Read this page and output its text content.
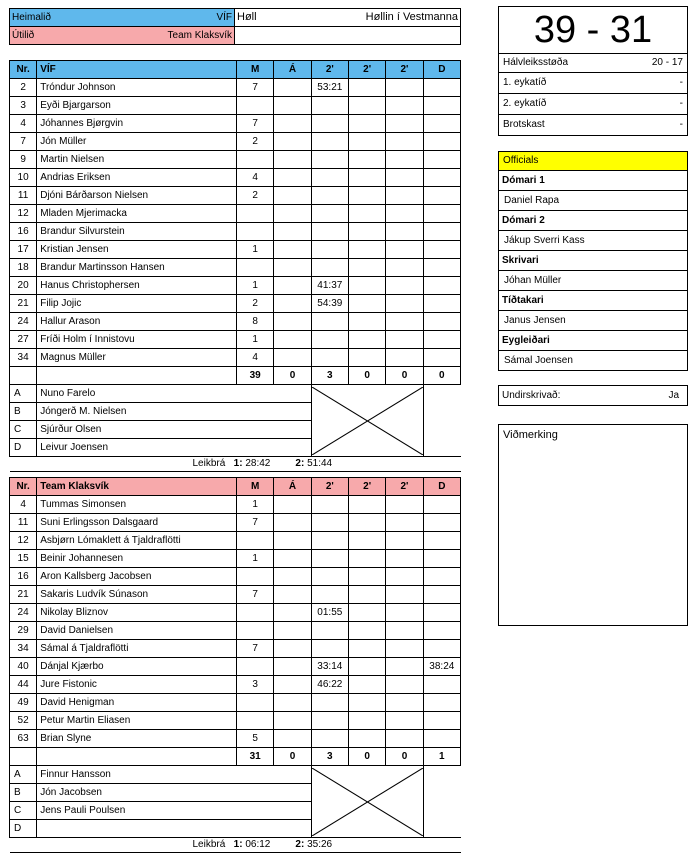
Heimalið VÍF	Høll Høllin í Vestmanna

Útilið Team Klaksvík	

Nr.	VÍF	M	Á	2'	2'	2'	D
2	Tróndur Johnson	7		53:21			
3	Eyði Bjargarson						
4	Jóhannes Bjørgvin	7					
7	Jón Müller	2					
9	Martin Nielsen						
10	Andrias Eriksen	4					
11	Djóni Bárðarson Nielsen	2					
12	Mladen Mjerimacka						
16	Brandur Silvurstein						
17	Kristian Jensen	1					
18	Brandur Martinsson Hansen						
20	Hanus Christophersen	1		41:37			
21	Filip Jojic	2		54:39			
24	Hallur Arason	8					
27	Fríði Holm í Innistovu	1					
34	Magnus Müller	4					
		39	0	3	0	0	0
A	Nuno Farelo	

B	Jóngerð M. Nielsen						
C	Sjúrður Olsen						
D	Leivur Joensen						
Leikbrá 1: 28:42 2: 51:44							
Nr.	Team Klaksvík	M	Á	2'	2'	2'	D
4	Tummas Simonsen	1					
11	Suni Erlingsson Dalsgaard	7					
12	Asbjørn Lómaklett á Tjaldraflötti						
15	Beinir Johannesen	1					
16	Aron Kallsberg Jacobsen						
21	Sakaris Ludvík Súnason	7					
24	Nikolay Bliznov			01:55			
29	David Danielsen						
34	Sámal á Tjaldraflötti	7					
40	Dánjal Kjærbo			33:14			38:24
44	Jure Fistonic	3		46:22			
49	David Henigman						
52	Petur Martin Eliasen						
63	Brian Slyne	5					
		31	0	3	0	0	1
A	Finnur Hansson	

B	Jón Jacobsen						
C	Jens Pauli Poulsen						
D							
Leikbrá 1: 06:12 2: 35:26							
39 - 31
Hálvleiksstøða	20 - 17
1. eykatíð	-
2. eykatíð	-
Brotskast	-
Officials
Dómari 1
Daniel Rapa
Dómari 2
Jákup Sverri Kass
Skrivari
Jóhan Müller
Tíðtakari
Janus Jensen
Eygleiðari
Sámal Joensen
Undirskrivað:	Ja
Viðmerking
